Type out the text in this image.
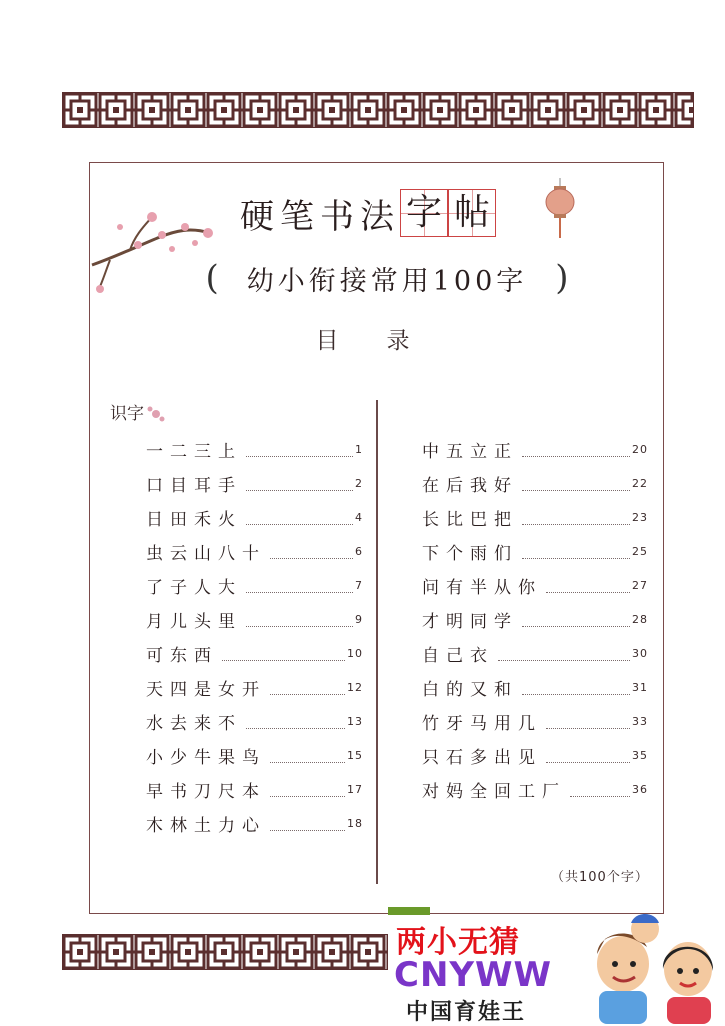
硬笔书法 字 帖
( 幼小衔接常用100字 )
目录
识字
一二三上	1
口目耳手	2
日田禾火	4
虫云山八十	6
了子人大	7
月儿头里	9
可东西	10
天四是女开	12
水去来不	13
小少牛果鸟	15
早书刀尺本	17
木林土力心	18
中五立正	20
在后我好	22
长比巴把	23
下个雨们	25
问有半从你	27
才明同学	28
自己衣	30
白的又和	31
竹牙马用几	33
只石多出见	35
对妈全回工厂	36
（共100个字）
两小无猜
CNYWW
中国育娃王
